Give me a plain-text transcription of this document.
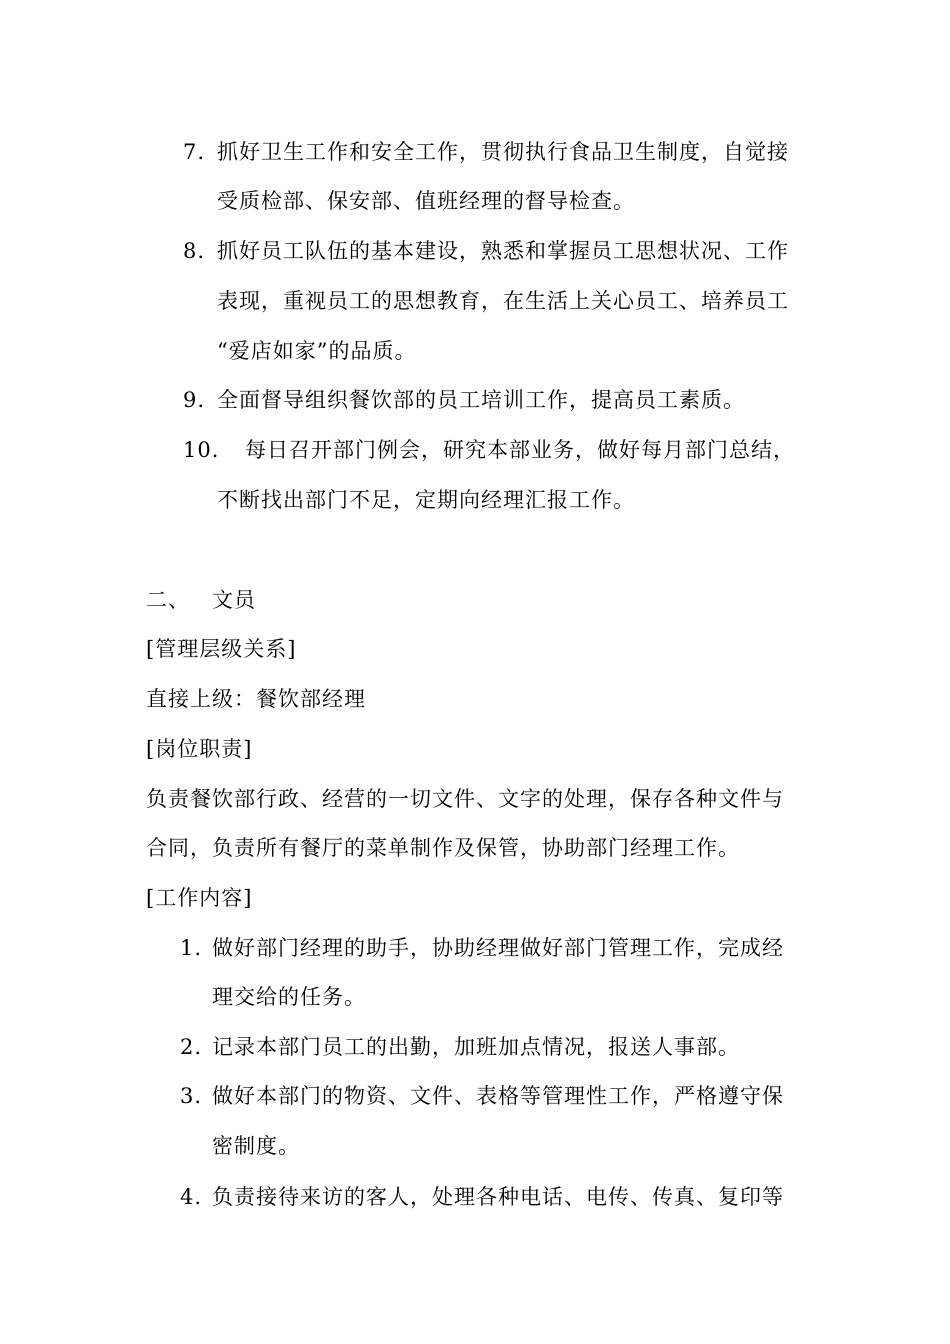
7. 抓好卫生工作和安全工作，贯彻执行食品卫生制度，自觉接
受质检部、保安部、值班经理的督导检查。
8. 抓好员工队伍的基本建设，熟悉和掌握员工思想状况、工作
表现，重视员工的思想教育，在生活上关心员工、培养员工
“爱店如家”的品质。
9. 全面督导组织餐饮部的员工培训工作，提高员工素质。
10. 每日召开部门例会，研究本部业务，做好每月部门总结，
不断找出部门不足，定期向经理汇报工作。
二、 文员
[管理层级关系]
直接上级：餐饮部经理
[岗位职责]
负责餐饮部行政、经营的一切文件、文字的处理，保存各种文件与
合同，负责所有餐厅的菜单制作及保管，协助部门经理工作。
[工作内容]
1. 做好部门经理的助手，协助经理做好部门管理工作，完成经
理交给的任务。
2. 记录本部门员工的出勤，加班加点情况，报送人事部。
3. 做好本部门的物资、文件、表格等管理性工作，严格遵守保
密制度。
4. 负责接待来访的客人，处理各种电话、电传、传真、复印等
